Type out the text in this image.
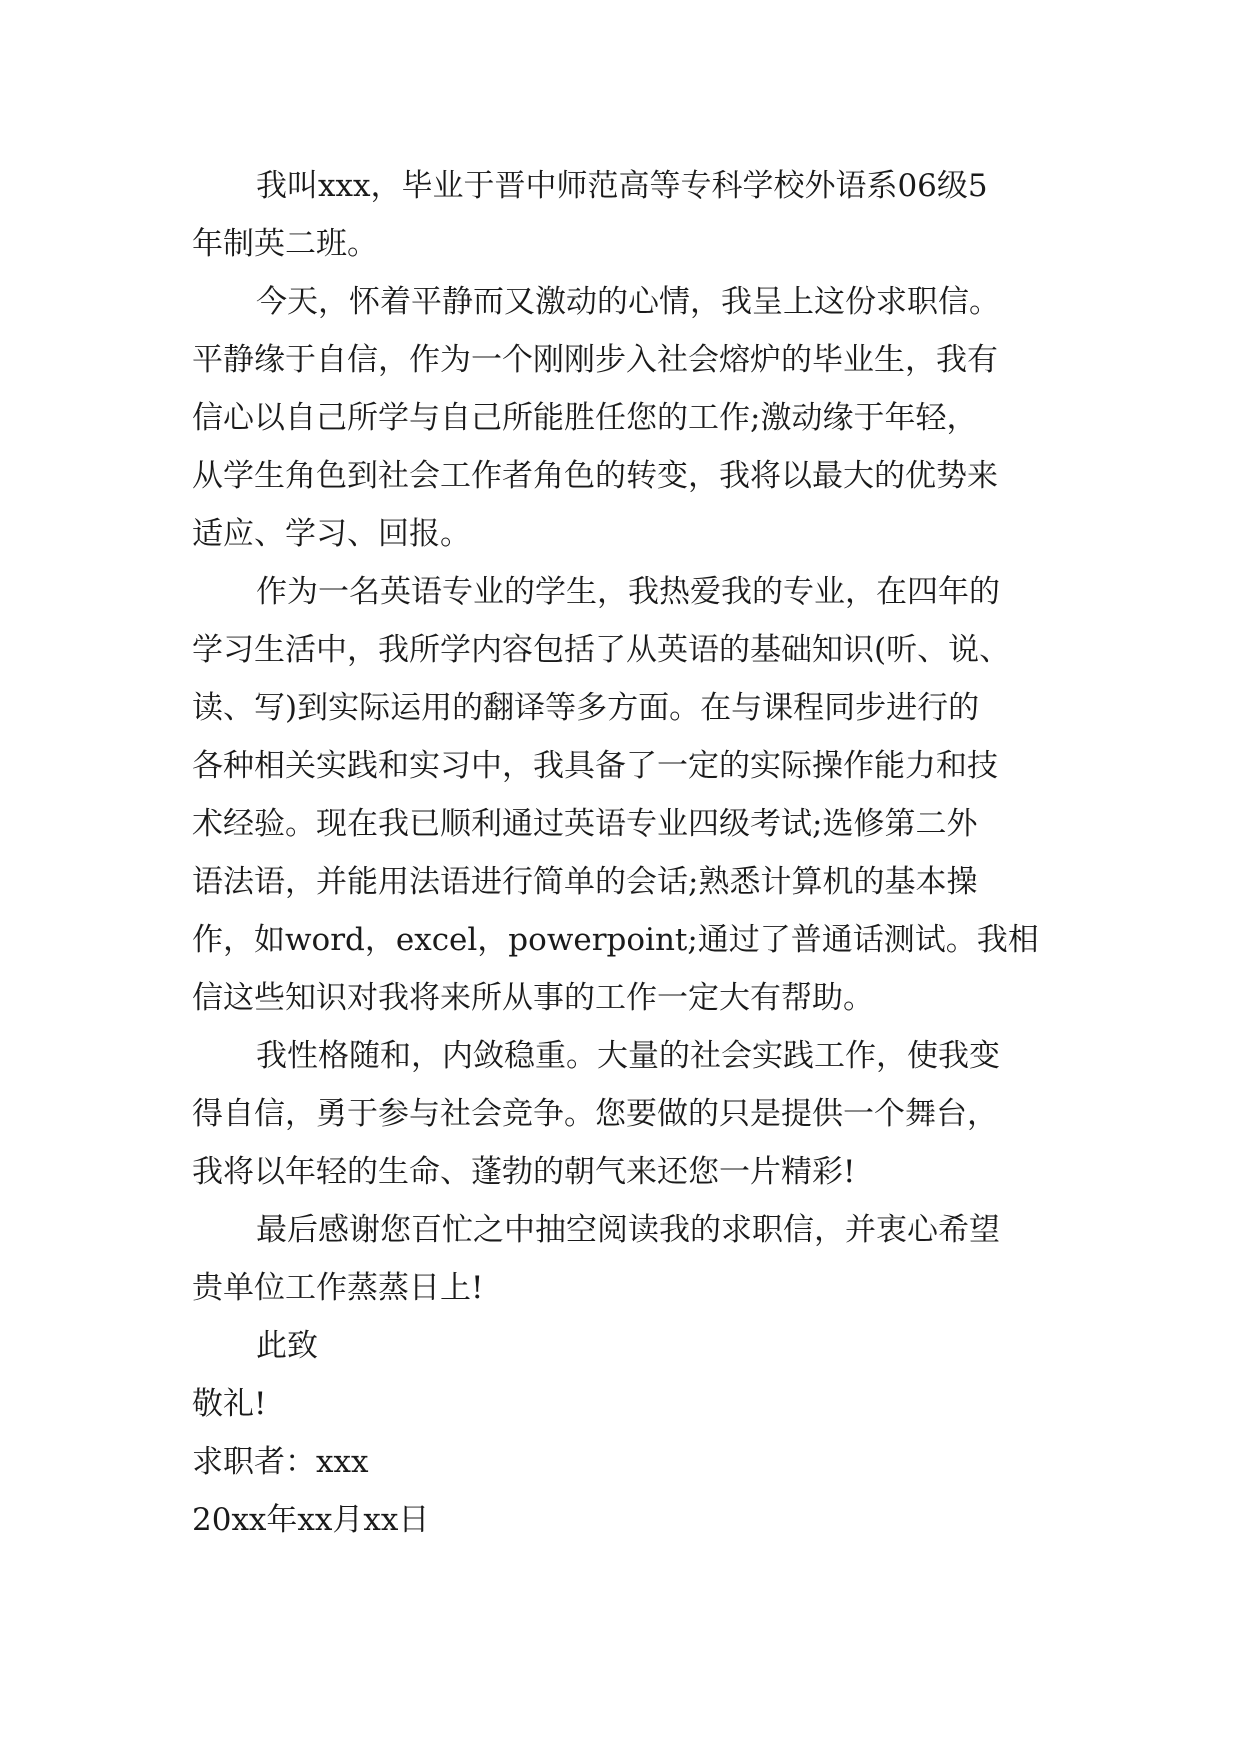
我叫xxx，毕业于晋中师范高等专科学校外语系06级5
年制英二班。
今天，怀着平静而又激动的心情，我呈上这份求职信。
平静缘于自信，作为一个刚刚步入社会熔炉的毕业生，我有
信心以自己所学与自己所能胜任您的工作;激动缘于年轻，
从学生角色到社会工作者角色的转变，我将以最大的优势来
适应、学习、回报。
作为一名英语专业的学生，我热爱我的专业，在四年的
学习生活中，我所学内容包括了从英语的基础知识(听、说、
读、写)到实际运用的翻译等多方面。在与课程同步进行的
各种相关实践和实习中，我具备了一定的实际操作能力和技
术经验。现在我已顺利通过英语专业四级考试;选修第二外
语法语，并能用法语进行简单的会话;熟悉计算机的基本操
作，如word，excel，powerpoint;通过了普通话测试。我相
信这些知识对我将来所从事的工作一定大有帮助。
我性格随和，内敛稳重。大量的社会实践工作，使我变
得自信，勇于参与社会竞争。您要做的只是提供一个舞台，
我将以年轻的生命、蓬勃的朝气来还您一片精彩!
最后感谢您百忙之中抽空阅读我的求职信，并衷心希望
贵单位工作蒸蒸日上!
此致
敬礼!
求职者：xxx
20xx年xx月xx日
